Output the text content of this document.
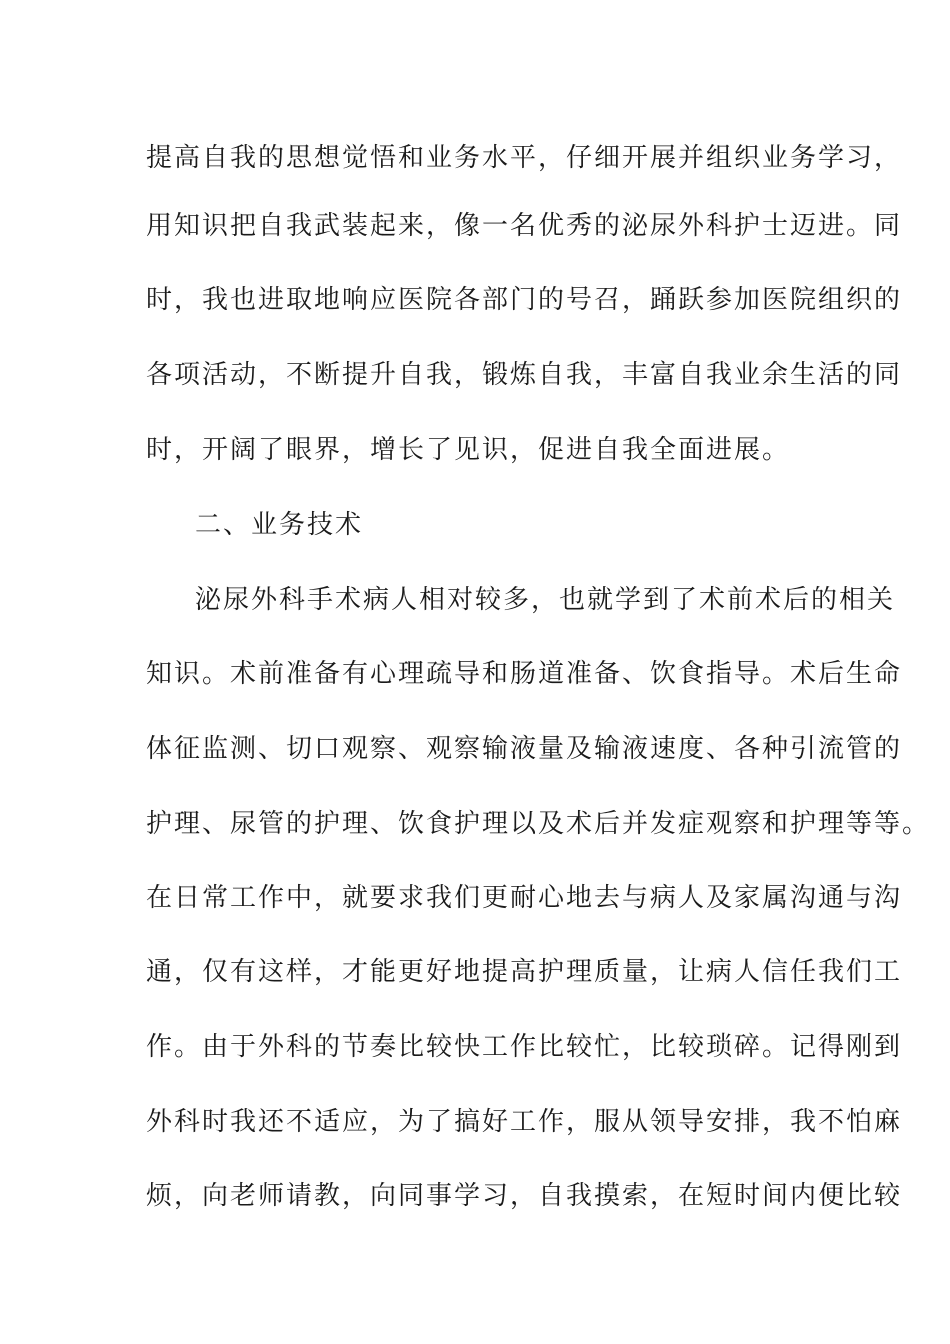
提高自我的思想觉悟和业务水平，仔细开展并组织业务学习，
用知识把自我武装起来，像一名优秀的泌尿外科护士迈进。同
时，我也进取地响应医院各部门的号召，踊跃参加医院组织的
各项活动，不断提升自我，锻炼自我，丰富自我业余生活的同
时，开阔了眼界，增长了见识，促进自我全面进展。
二、业务技术
泌尿外科手术病人相对较多，也就学到了术前术后的相关
知识。术前准备有心理疏导和肠道准备、饮食指导。术后生命
体征监测、切口观察、观察输液量及输液速度、各种引流管的
护理、尿管的护理、饮食护理以及术后并发症观察和护理等等。
在日常工作中，就要求我们更耐心地去与病人及家属沟通与沟
通，仅有这样，才能更好地提高护理质量，让病人信任我们工
作。由于外科的节奏比较快工作比较忙，比较琐碎。记得刚到
外科时我还不适应，为了搞好工作，服从领导安排，我不怕麻
烦，向老师请教，向同事学习，自我摸索，在短时间内便比较
